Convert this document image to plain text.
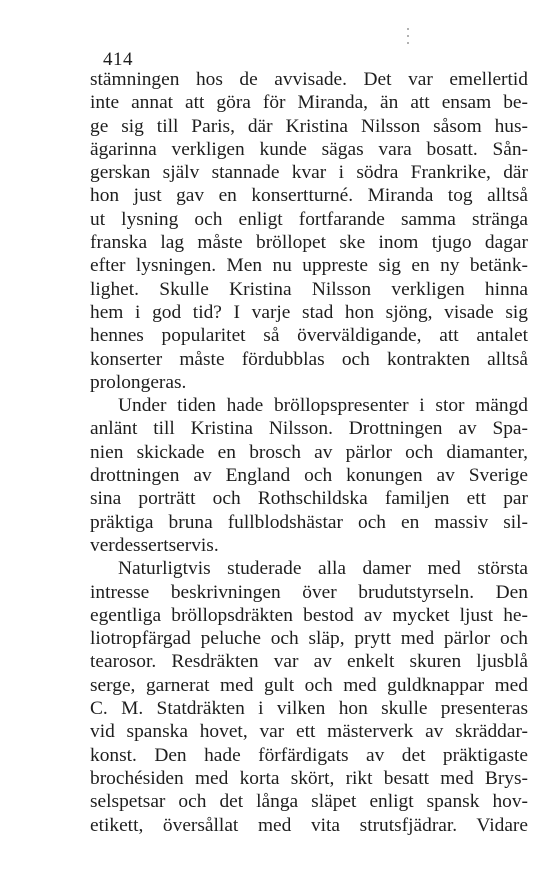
414
stämningen hos de avvisade. Det var emellertid
inte annat att göra för Miranda, än att ensam be-
ge sig till Paris, där Kristina Nilsson såsom hus-
ägarinna verkligen kunde sägas vara bosatt. Sån-
gerskan själv stannade kvar i södra Frankrike, där
hon just gav en konsertturné. Miranda tog alltså
ut lysning och enligt fortfarande samma stränga
franska lag måste bröllopet ske inom tjugo dagar
efter lysningen. Men nu uppreste sig en ny betänk-
lighet. Skulle Kristina Nilsson verkligen hinna
hem i god tid? I varje stad hon sjöng, visade sig
hennes popularitet så överväldigande, att antalet
konserter måste fördubblas och kontrakten alltså
prolongeras.
Under tiden hade bröllopspresenter i stor mängd
anlänt till Kristina Nilsson. Drottningen av Spa-
nien skickade en brosch av pärlor och diamanter,
drottningen av England och konungen av Sverige
sina porträtt och Rothschildska familjen ett par
präktiga bruna fullblodshästar och en massiv sil-
verdessertservis.
Naturligtvis studerade alla damer med största
intresse beskrivningen över brudutstyrseln. Den
egentliga bröllopsdräkten bestod av mycket ljust he-
liotropfärgad peluche och släp, prytt med pärlor och
tearosor. Resdräkten var av enkelt skuren ljusblå
serge, garnerat med gult och med guldknappar med
C. M. Statdräkten i vilken hon skulle presenteras
vid spanska hovet, var ett mästerverk av skräddar-
konst. Den hade förfärdigats av det präktigaste
brochésiden med korta skört, rikt besatt med Brys-
selspetsar och det långa släpet enligt spansk hov-
etikett, översållat med vita strutsfjädrar. Vidare
